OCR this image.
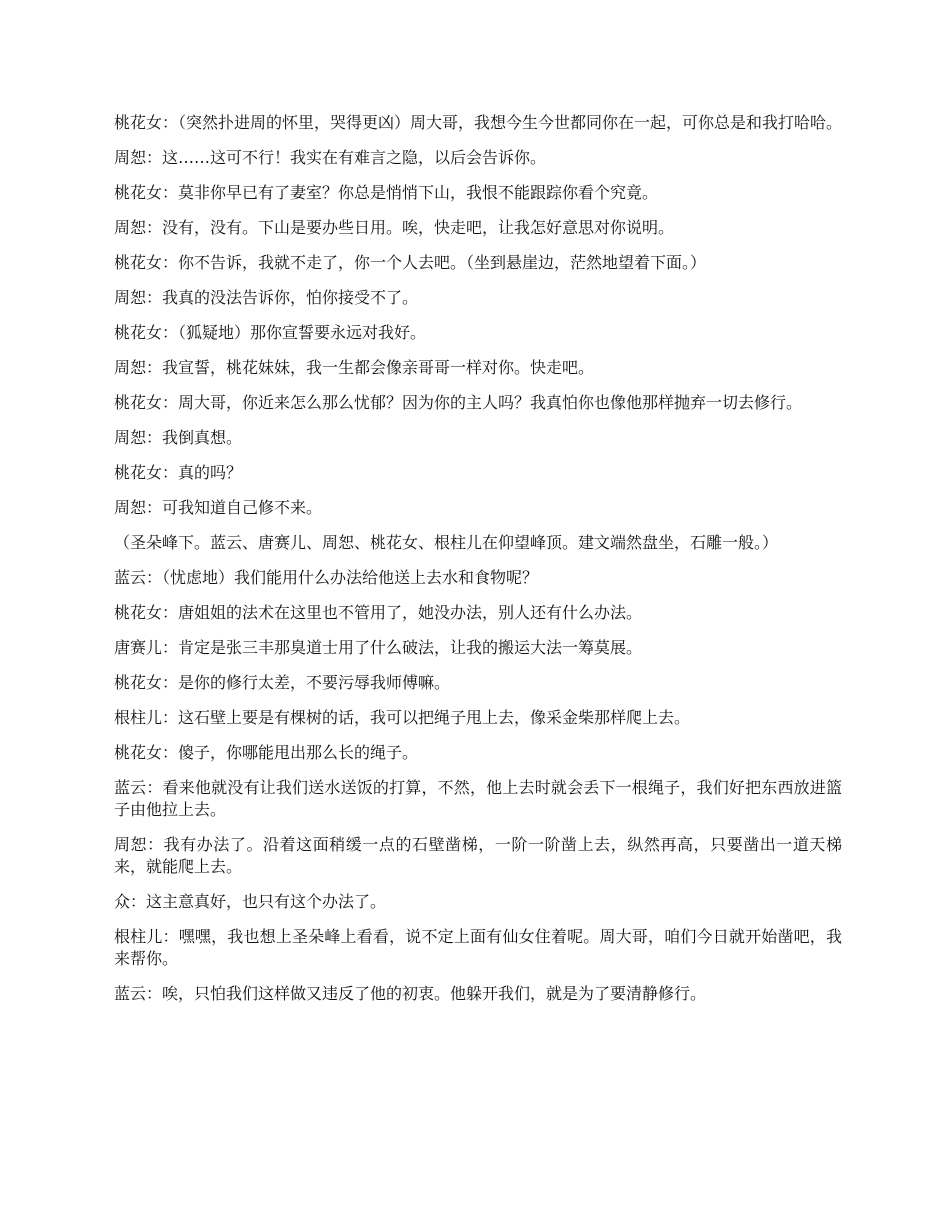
桃花女：（突然扑进周的怀里，哭得更凶）周大哥，我想今生今世都同你在一起，可你总是和我打哈哈。

周恕：这……这可不行！我实在有难言之隐，以后会告诉你。

桃花女：莫非你早已有了妻室？你总是悄悄下山，我恨不能跟踪你看个究竟。

周恕：没有，没有。下山是要办些日用。唉，快走吧，让我怎好意思对你说明。

桃花女：你不告诉，我就不走了，你一个人去吧。（坐到悬崖边，茫然地望着下面。）

周恕：我真的没法告诉你，怕你接受不了。

桃花女：（狐疑地）那你宣誓要永远对我好。

周恕：我宣誓，桃花妹妹，我一生都会像亲哥哥一样对你。快走吧。

桃花女：周大哥，你近来怎么那么忧郁？因为你的主人吗？我真怕你也像他那样抛弃一切去修行。

周恕：我倒真想。

桃花女：真的吗？

周恕：可我知道自己修不来。

（圣朵峰下。蓝云、唐赛儿、周恕、桃花女、根柱儿在仰望峰顶。建文端然盘坐，石雕一般。）

蓝云：（忧虑地）我们能用什么办法给他送上去水和食物呢？

桃花女：唐姐姐的法术在这里也不管用了，她没办法，别人还有什么办法。

唐赛儿：肯定是张三丰那臭道士用了什么破法，让我的搬运大法一筹莫展。

桃花女：是你的修行太差，不要污辱我师傅嘛。

根柱儿：这石壁上要是有棵树的话，我可以把绳子甩上去，像采金柴那样爬上去。

桃花女：傻子，你哪能甩出那么长的绳子。

蓝云：看来他就没有让我们送水送饭的打算，不然，他上去时就会丢下一根绳子，我们好把东西放进篮子由他拉上去。

周恕：我有办法了。沿着这面稍缓一点的石壁凿梯，一阶一阶凿上去，纵然再高，只要凿出一道天梯来，就能爬上去。

众：这主意真好，也只有这个办法了。

根柱儿：嘿嘿，我也想上圣朵峰上看看，说不定上面有仙女住着呢。周大哥，咱们今日就开始凿吧，我来帮你。

蓝云：唉，只怕我们这样做又违反了他的初衷。他躲开我们，就是为了要清静修行。
